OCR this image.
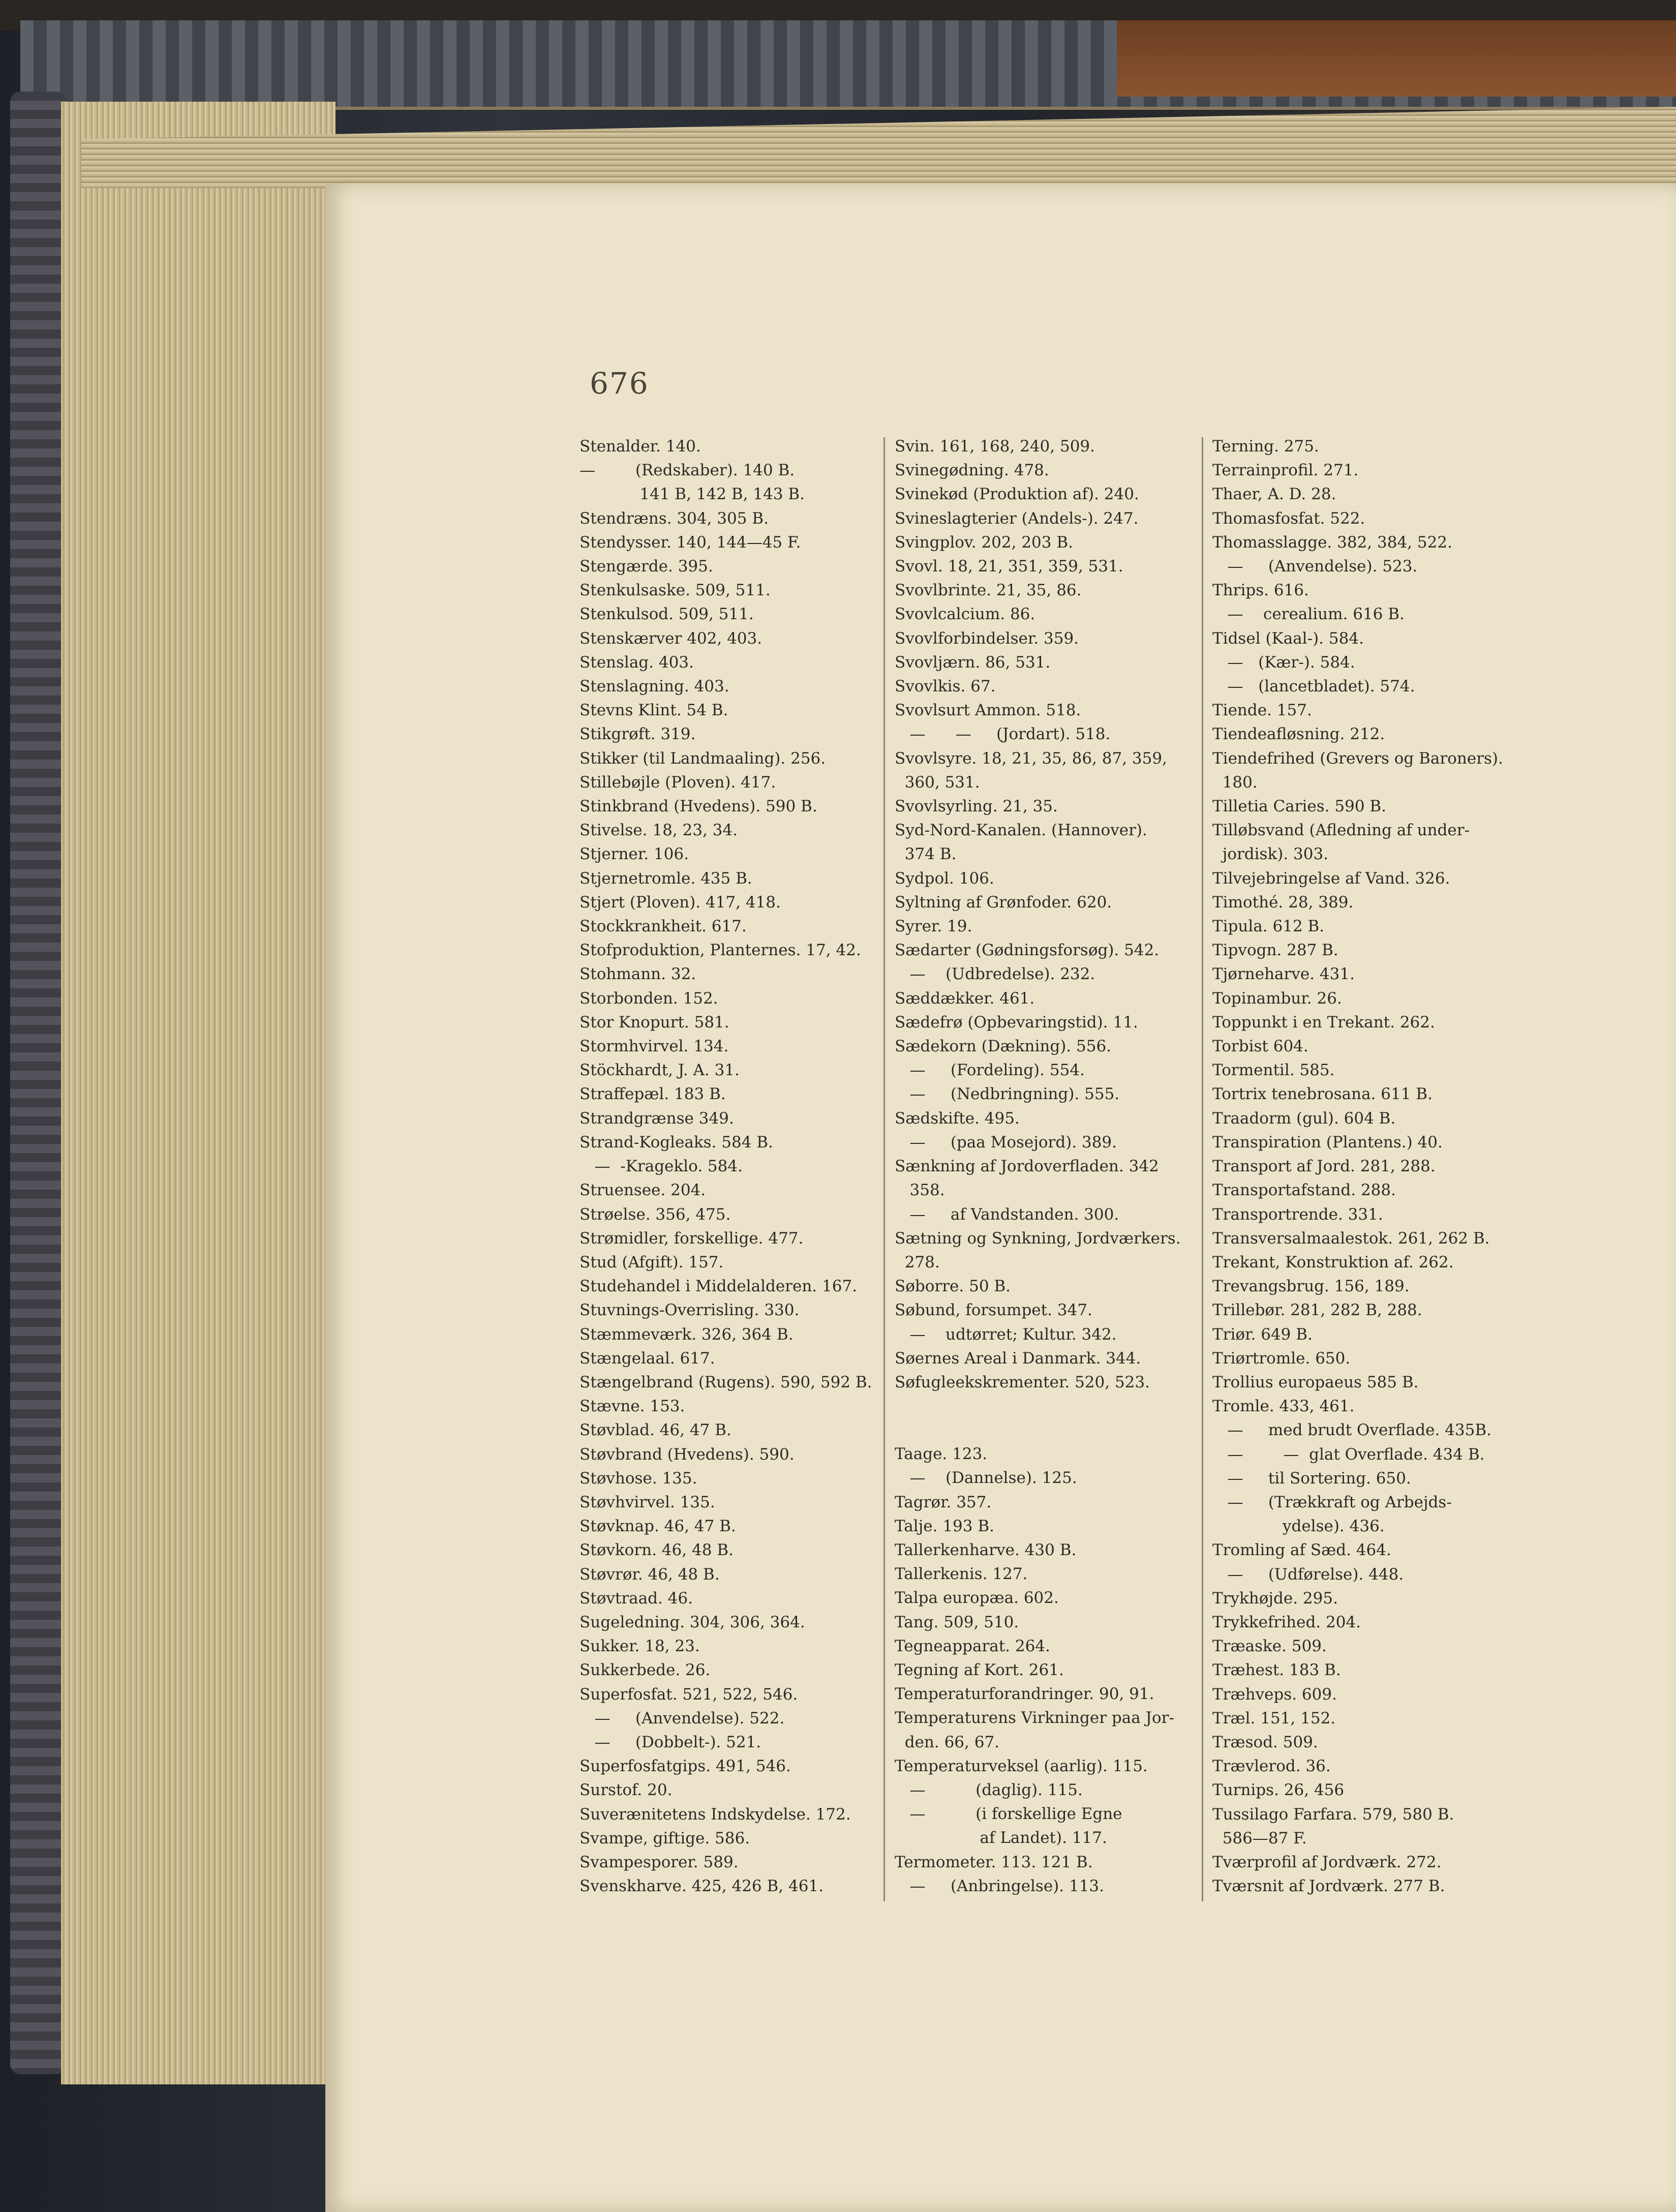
676
Stenalder. 140.
—        (Redskaber). 140 B.
141 B, 142 B, 143 B.
Stendræns. 304, 305 B.
Stendysser. 140, 144—45 F.
Stengærde. 395.
Stenkulsaske. 509, 511.
Stenkulsod. 509, 511.
Stenskærver 402, 403.
Stenslag. 403.
Stenslagning. 403.
Stevns Klint. 54 B.
Stikgrøft. 319.
Stikker (til Landmaaling). 256.
Stillebøjle (Ploven). 417.
Stinkbrand (Hvedens). 590 B.
Stivelse. 18, 23, 34.
Stjerner. 106.
Stjernetromle. 435 B.
Stjert (Ploven). 417, 418.
Stockkrankheit. 617.
Stofproduktion, Planternes. 17, 42.
Stohmann. 32.
Storbonden. 152.
Stor Knopurt. 581.
Stormhvirvel. 134.
Stöckhardt, J. A. 31.
Straffepæl. 183 B.
Strandgrænse 349.
Strand-Kogleaks. 584 B.
—  -Krageklo. 584.
Struensee. 204.
Strøelse. 356, 475.
Strømidler, forskellige. 477.
Stud (Afgift). 157.
Studehandel i Middelalderen. 167.
Stuvnings-Overrisling. 330.
Stæmmeværk. 326, 364 B.
Stængelaal. 617.
Stængelbrand (Rugens). 590, 592 B.
Stævne. 153.
Støvblad. 46, 47 B.
Støvbrand (Hvedens). 590.
Støvhose. 135.
Støvhvirvel. 135.
Støvknap. 46, 47 B.
Støvkorn. 46, 48 B.
Støvrør. 46, 48 B.
Støvtraad. 46.
Sugeledning. 304, 306, 364.
Sukker. 18, 23.
Sukkerbede. 26.
Superfosfat. 521, 522, 546.
—     (Anvendelse). 522.
—     (Dobbelt-). 521.
Superfosfatgips. 491, 546.
Surstof. 20.
Suverænitetens Indskydelse. 172.
Svampe, giftige. 586.
Svampesporer. 589.
Svenskharve. 425, 426 B, 461.
Svin. 161, 168, 240, 509.
Svinegødning. 478.
Svinekød (Produktion af). 240.
Svineslagterier (Andels-). 247.
Svingplov. 202, 203 B.
Svovl. 18, 21, 351, 359, 531.
Svovlbrinte. 21, 35, 86.
Svovlcalcium. 86.
Svovlforbindelser. 359.
Svovljærn. 86, 531.
Svovlkis. 67.
Svovlsurt Ammon. 518.
—      —     (Jordart). 518.
Svovlsyre. 18, 21, 35, 86, 87, 359,
360, 531.
Svovlsyrling. 21, 35.
Syd-Nord-Kanalen. (Hannover).
374 B.
Sydpol. 106.
Syltning af Grønfoder. 620.
Syrer. 19.
Sædarter (Gødningsforsøg). 542.
—    (Udbredelse). 232.
Sæddækker. 461.
Sædefrø (Opbevaringstid). 11.
Sædekorn (Dækning). 556.
—     (Fordeling). 554.
—     (Nedbringning). 555.
Sædskifte. 495.
—     (paa Mosejord). 389.
Sænkning af Jordoverfladen. 342
358.
—     af Vandstanden. 300.
Sætning og Synkning, Jordværkers.
278.
Søborre. 50 B.
Søbund, forsumpet. 347.
—    udtørret; Kultur. 342.
Søernes Areal i Danmark. 344.
Søfugleekskrementer. 520, 523.
Taage. 123.
—    (Dannelse). 125.
Tagrør. 357.
Talje. 193 B.
Tallerkenharve. 430 B.
Tallerkenis. 127.
Talpa europæa. 602.
Tang. 509, 510.
Tegneapparat. 264.
Tegning af Kort. 261.
Temperaturforandringer. 90, 91.
Temperaturens Virkninger paa Jor-
den. 66, 67.
Temperaturveksel (aarlig). 115.
—          (daglig). 115.
—          (i forskellige Egne
af Landet). 117.
Termometer. 113. 121 B.
—     (Anbringelse). 113.
Terning. 275.
Terrainprofil. 271.
Thaer, A. D. 28.
Thomasfosfat. 522.
Thomasslagge. 382, 384, 522.
—     (Anvendelse). 523.
Thrips. 616.
—    cerealium. 616 B.
Tidsel (Kaal-). 584.
—   (Kær-). 584.
—   (lancetbladet). 574.
Tiende. 157.
Tiendeafløsning. 212.
Tiendefrihed (Grevers og Baroners).
180.
Tilletia Caries. 590 B.
Tilløbsvand (Afledning af under-
jordisk). 303.
Tilvejebringelse af Vand. 326.
Timothé. 28, 389.
Tipula. 612 B.
Tipvogn. 287 B.
Tjørneharve. 431.
Topinambur. 26.
Toppunkt i en Trekant. 262.
Torbist 604.
Tormentil. 585.
Tortrix tenebrosana. 611 B.
Traadorm (gul). 604 B.
Transpiration (Plantens.) 40.
Transport af Jord. 281, 288.
Transportafstand. 288.
Transportrende. 331.
Transversalmaalestok. 261, 262 B.
Trekant, Konstruktion af. 262.
Trevangsbrug. 156, 189.
Trillebør. 281, 282 B, 288.
Triør. 649 B.
Triørtromle. 650.
Trollius europaeus 585 B.
Tromle. 433, 461.
—     med brudt Overflade. 435B.
—        —  glat Overflade. 434 B.
—     til Sortering. 650.
—     (Trækkraft og Arbejds-
ydelse). 436.
Tromling af Sæd. 464.
—     (Udførelse). 448.
Trykhøjde. 295.
Trykkefrihed. 204.
Træaske. 509.
Træhest. 183 B.
Træhveps. 609.
Træl. 151, 152.
Træsod. 509.
Trævlerod. 36.
Turnips. 26, 456
Tussilago Farfara. 579, 580 B.
586—87 F.
Tværprofil af Jordværk. 272.
Tværsnit af Jordværk. 277 B.
